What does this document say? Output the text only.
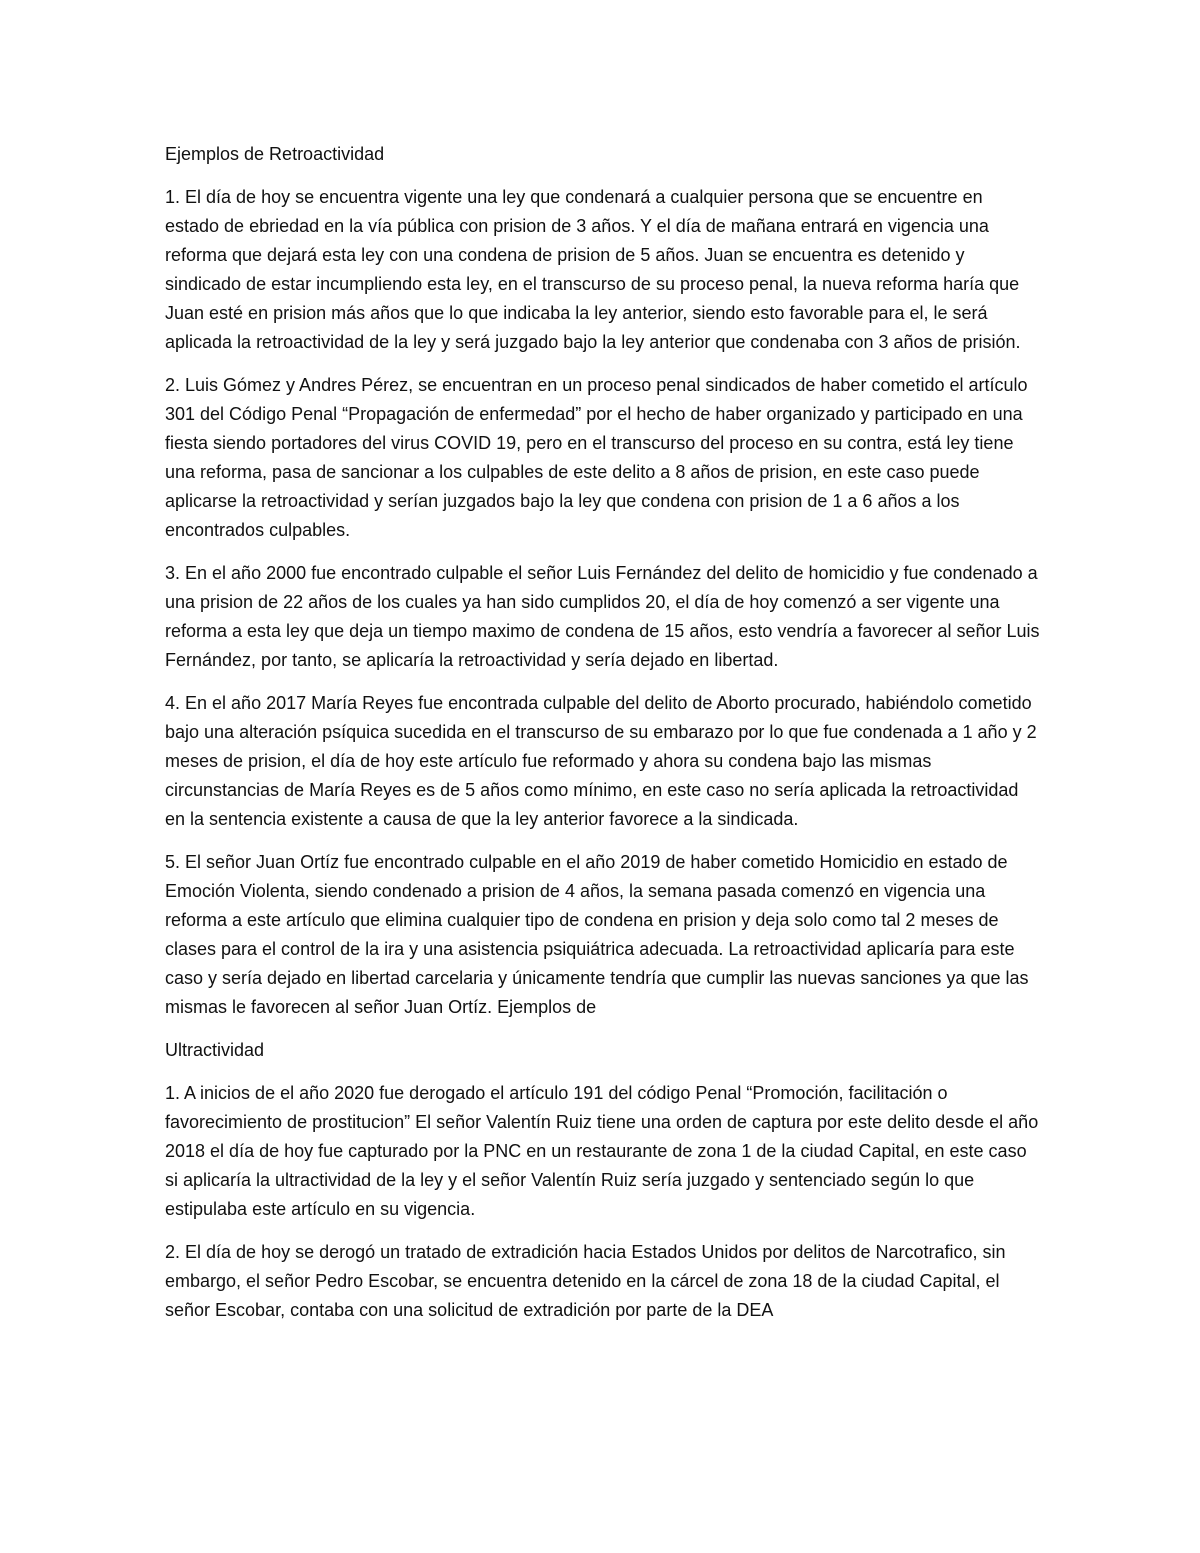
Ejemplos de Retroactividad

1. El día de hoy se encuentra vigente una ley que condenará a cualquier persona que se encuentre en estado de ebriedad en la vía pública con prision de 3 años. Y el día de mañana entrará en vigencia una reforma que dejará esta ley con una condena de prision de 5 años. Juan se encuentra es detenido y sindicado de estar incumpliendo esta ley, en el transcurso de su proceso penal, la nueva reforma haría que Juan esté en prision más años que lo que indicaba la ley anterior, siendo esto favorable para el, le será aplicada la retroactividad de la ley y será juzgado bajo la ley anterior que condenaba con 3 años de prisión.

2. Luis Gómez y Andres Pérez, se encuentran en un proceso penal sindicados de haber cometido el artículo 301 del Código Penal “Propagación de enfermedad” por el hecho de haber organizado y participado en una fiesta siendo portadores del virus COVID 19, pero en el transcurso del proceso en su contra, está ley tiene una reforma, pasa de sancionar a los culpables de este delito a 8 años de prision, en este caso puede aplicarse la retroactividad y serían juzgados bajo la ley que condena con prision de 1 a 6 años a los encontrados culpables.

3. En el año 2000 fue encontrado culpable el señor Luis Fernández del delito de homicidio y fue condenado a una prision de 22 años de los cuales ya han sido cumplidos 20, el día de hoy comenzó a ser vigente una reforma a esta ley que deja un tiempo maximo de condena de 15 años, esto vendría a favorecer al señor Luis Fernández, por tanto, se aplicaría la retroactividad y sería dejado en libertad.

4. En el año 2017 María Reyes fue encontrada culpable del delito de Aborto procurado, habiéndolo cometido bajo una alteración psíquica sucedida en el transcurso de su embarazo por lo que fue condenada a 1 año y 2 meses de prision, el día de hoy este artículo fue reformado y ahora su condena bajo las mismas circunstancias de María Reyes es de 5 años como mínimo, en este caso no sería aplicada la retroactividad en la sentencia existente a causa de que la ley anterior favorece a la sindicada.

5. El señor Juan Ortíz fue encontrado culpable en el año 2019 de haber cometido Homicidio en estado de Emoción Violenta, siendo condenado a prision de 4 años, la semana pasada comenzó en vigencia una reforma a este artículo que elimina cualquier tipo de condena en prision y deja solo como tal 2 meses de clases para el control de la ira y una asistencia psiquiátrica adecuada. La retroactividad aplicaría para este caso y sería dejado en libertad carcelaria y únicamente tendría que cumplir las nuevas sanciones ya que las mismas le favorecen al señor Juan Ortíz. Ejemplos de

Ultractividad

1. A inicios de el año 2020 fue derogado el artículo 191 del código Penal “Promoción, facilitación o favorecimiento de prostitucion” El señor Valentín Ruiz tiene una orden de captura por este delito desde el año 2018 el día de hoy fue capturado por la PNC en un restaurante de zona 1 de la ciudad Capital, en este caso si aplicaría la ultractividad de la ley y el señor Valentín Ruiz sería juzgado y sentenciado según lo que estipulaba este artículo en su vigencia.

2. El día de hoy se derogó un tratado de extradición hacia Estados Unidos por delitos de Narcotrafico, sin embargo, el señor Pedro Escobar, se encuentra detenido en la cárcel de zona 18 de la ciudad Capital, el señor Escobar, contaba con una solicitud de extradición por parte de la DEA
